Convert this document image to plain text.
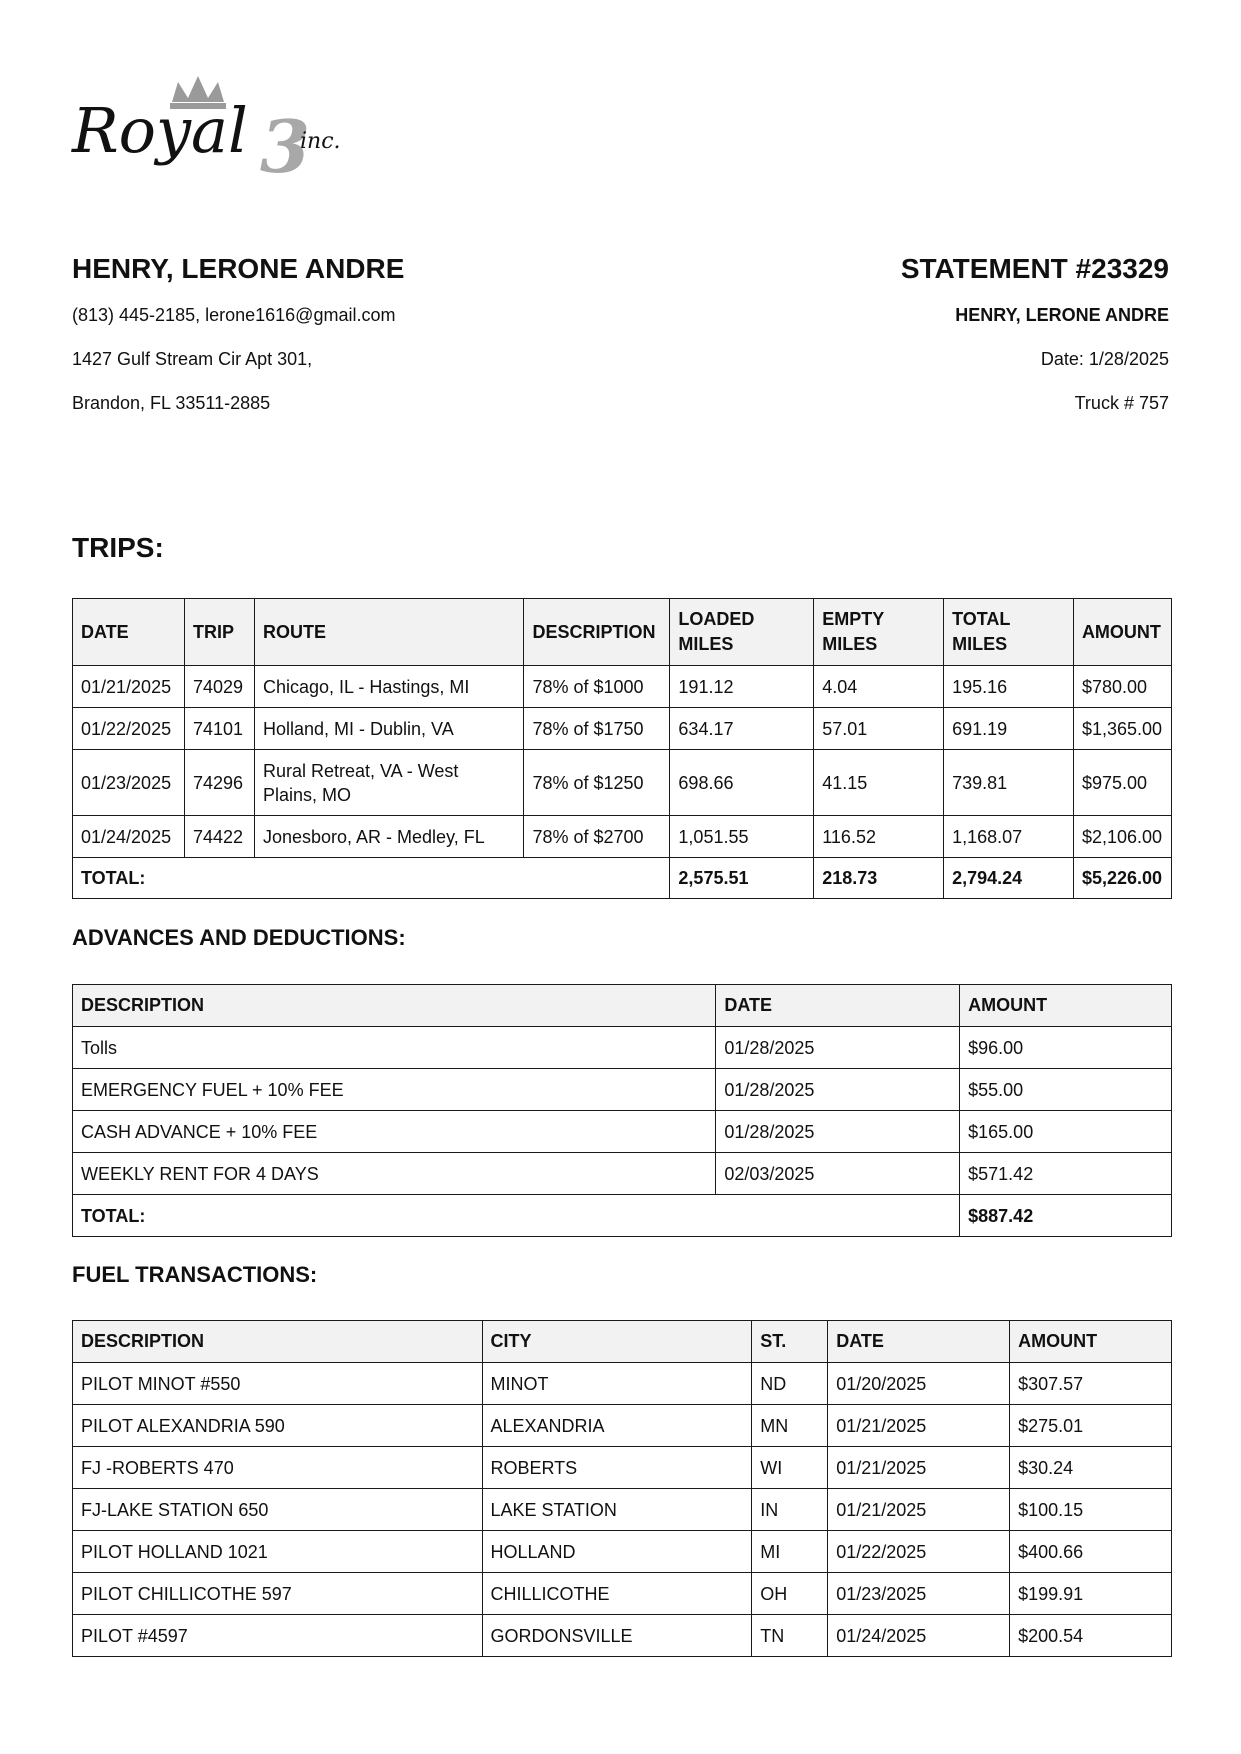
Royal 3
inc.

HENRY, LERONE ANDRE

(813) 445-2185, lerone1616@gmail.com

1427 Gulf Stream Cir Apt 301,

Brandon, FL 33511-2885

STATEMENT #23329

HENRY, LERONE ANDRE

Date: 1/28/2025

Truck # 757

TRIPS:

DATE	TRIP	ROUTE	DESCRIPTION	LOADED MILES	EMPTY MILES	TOTAL MILES	AMOUNT
01/21/2025	74029	Chicago, IL - Hastings, MI	78% of $1000	191.12	4.04	195.16	$780.00
01/22/2025	74101	Holland, MI - Dublin, VA	78% of $1750	634.17	57.01	691.19	$1,365.00
01/23/2025	74296	Rural Retreat, VA - West Plains, MO	78% of $1250	698.66	41.15	739.81	$975.00
01/24/2025	74422	Jonesboro, AR - Medley, FL	78% of $2700	1,051.55	116.52	1,168.07	$2,106.00
TOTAL:				2,575.51	218.73	2,794.24	$5,226.00

ADVANCES AND DEDUCTIONS:

DESCRIPTION	DATE	AMOUNT
Tolls	01/28/2025	$96.00
EMERGENCY FUEL + 10% FEE	01/28/2025	$55.00
CASH ADVANCE + 10% FEE	01/28/2025	$165.00
WEEKLY RENT FOR 4 DAYS	02/03/2025	$571.42
TOTAL:		$887.42

FUEL TRANSACTIONS:

DESCRIPTION	CITY	ST.	DATE	AMOUNT
PILOT MINOT #550	MINOT	ND	01/20/2025	$307.57
PILOT ALEXANDRIA 590	ALEXANDRIA	MN	01/21/2025	$275.01
FJ -ROBERTS 470	ROBERTS	WI	01/21/2025	$30.24
FJ-LAKE STATION 650	LAKE STATION	IN	01/21/2025	$100.15
PILOT HOLLAND 1021	HOLLAND	MI	01/22/2025	$400.66
PILOT CHILLICOTHE 597	CHILLICOTHE	OH	01/23/2025	$199.91
PILOT #4597	GORDONSVILLE	TN	01/24/2025	$200.54
